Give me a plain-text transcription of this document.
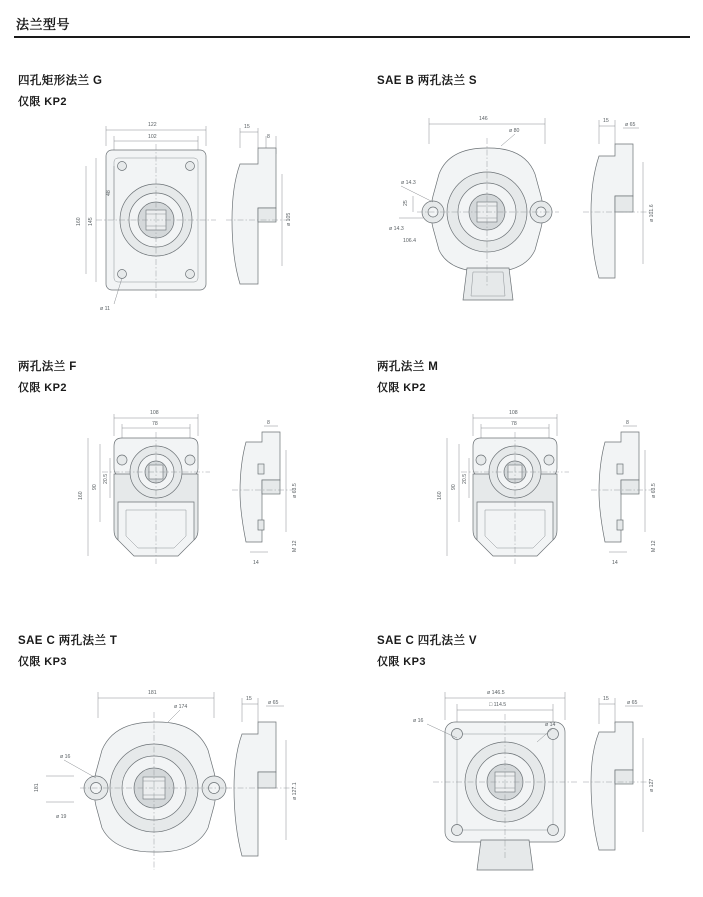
法兰型号
四孔矩形法兰 G
仅限 KP2
122
102
160 145
48
ø 11
15
8
ø 105
SAE B 两孔法兰 S
146
ø 80
ø 14.3
25
ø 14.3
106.4
15
ø 65
ø 101.6
两孔法兰 F
仅限 KP2
108
78
160
90
20.5
14
8
ø 63.5
M 12
两孔法兰 M
仅限 KP2
108
78
160
90
20.5
14
8
ø 63.5
M 12
SAE C 两孔法兰 T
仅限 KP3
181
ø 174
ø 16
181
ø 19
15
ø 65
ø 127.1
SAE C 四孔法兰 V
仅限 KP3
ø 146.5
□ 114.5
ø 16
ø 14
15
ø 65
ø 127
